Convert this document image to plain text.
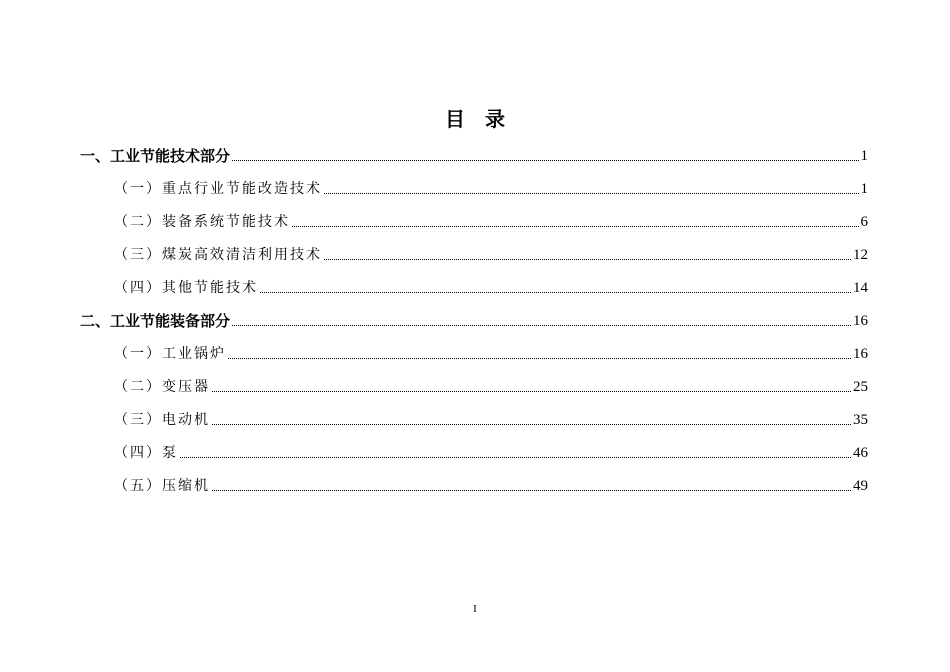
目 录
一、工业节能技术部分	1
（一）重点行业节能改造技术	1
（二）装备系统节能技术	6
（三）煤炭高效清洁利用技术	12
（四）其他节能技术	14
二、工业节能装备部分	16
（一）工业锅炉	16
（二）变压器	25
（三）电动机	35
（四）泵	46
（五）压缩机	49
I
